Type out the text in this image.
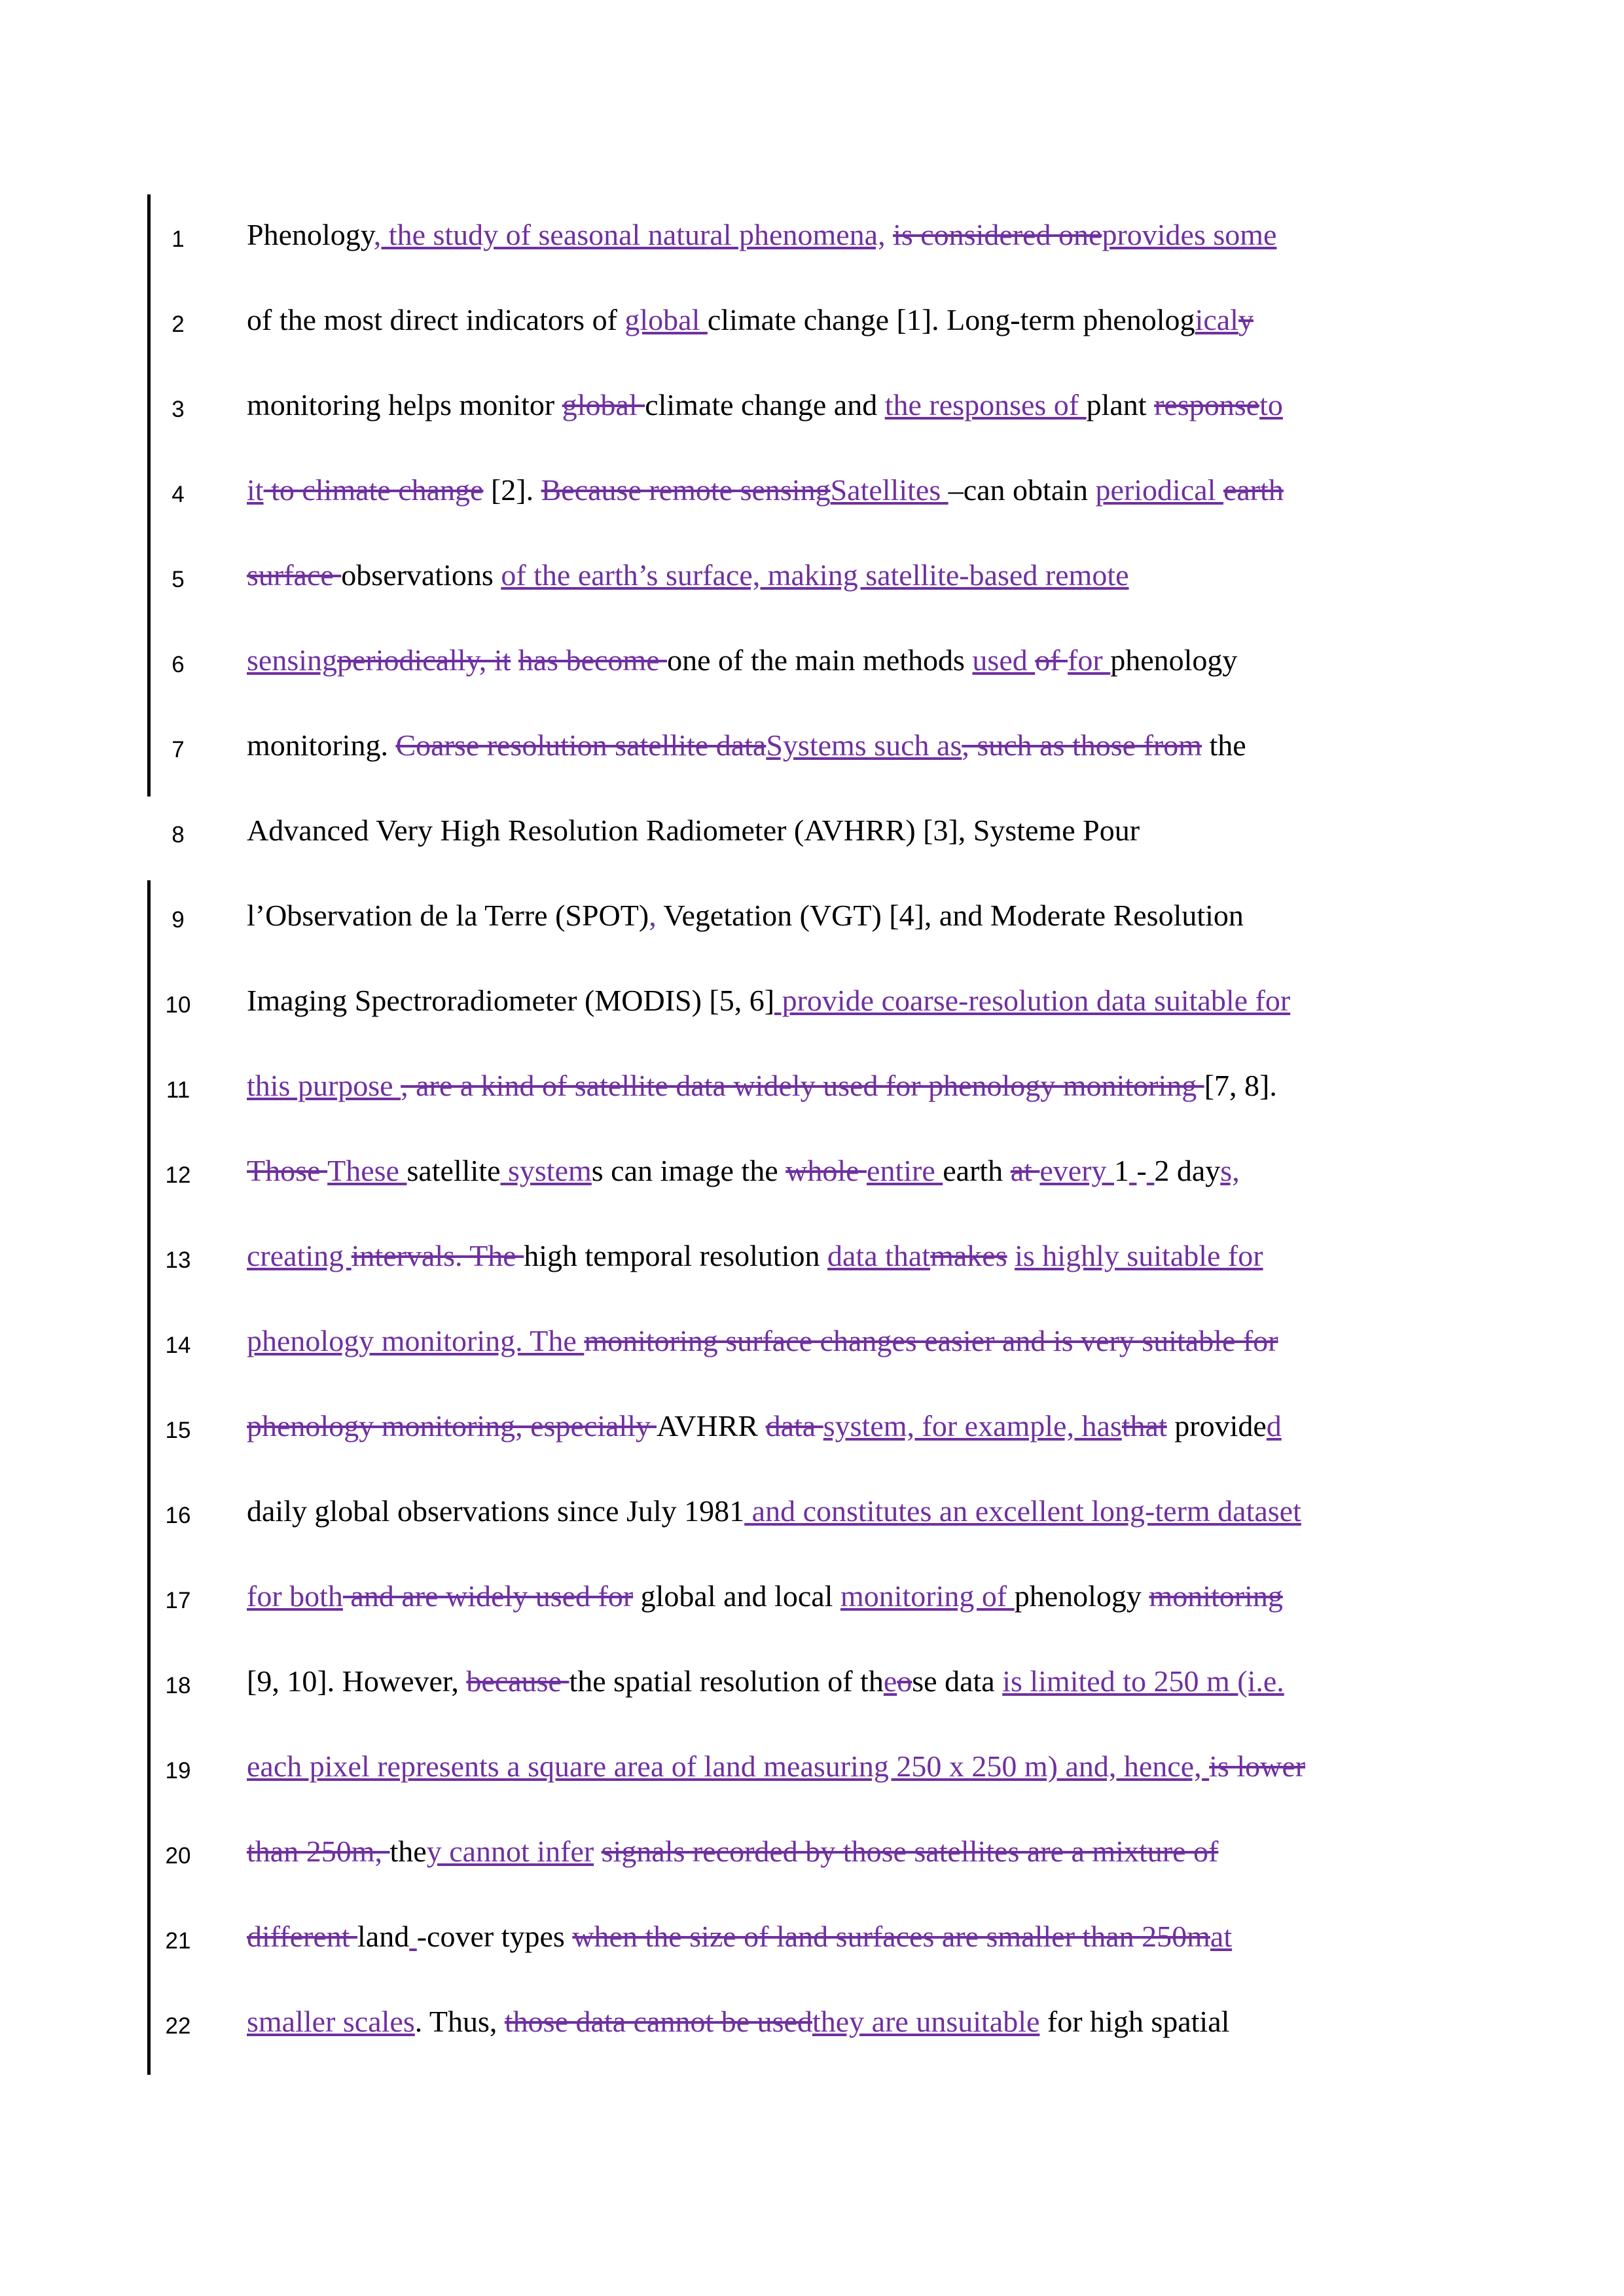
1	Phenology, the study of seasonal natural phenomena, is considered oneprovides some
2	of the most direct indicators of global climate change [1]. Long-term phenologicaly
3	monitoring helps monitor global climate change and the responses of plant responseto
4	it to climate change [2]. Because remote sensingSatellites –can obtain periodical earth
5	surface observations of the earth’s surface, making satellite-based remote
6	sensingperiodically, it has become one of the main methods used of for phenology
7	monitoring. Coarse resolution satellite dataSystems such as, such as those from the
8	Advanced Very High Resolution Radiometer (AVHRR) [3], Systeme Pour
9	l’Observation de la Terre (SPOT), Vegetation (VGT) [4], and Moderate Resolution
10	Imaging Spectroradiometer (MODIS) [5, 6] provide coarse-resolution data suitable for
11	this purpose , are a kind of satellite data widely used for phenology monitoring [7, 8].
12	Those These satellite systems can image the whole entire earth at every 1 - 2 days,
13	creating intervals. The high temporal resolution data thatmakes is highly suitable for
14	phenology monitoring. The monitoring surface changes easier and is very suitable for
15	phenology monitoring, especially AVHRR data system, for example, hasthat provided
16	daily global observations since July 1981 and constitutes an excellent long-term dataset
17	for both and are widely used for global and local monitoring of phenology monitoring
18	[9, 10]. However, because the spatial resolution of theose data is limited to 250 m (i.e.
19	each pixel represents a square area of land measuring 250 x 250 m) and, hence, is lower
20	than 250m, they cannot infer signals recorded by those satellites are a mixture of
21	different land -cover types when the size of land surfaces are smaller than 250mat
22	smaller scales. Thus, those data cannot be usedthey are unsuitable for high spatial
